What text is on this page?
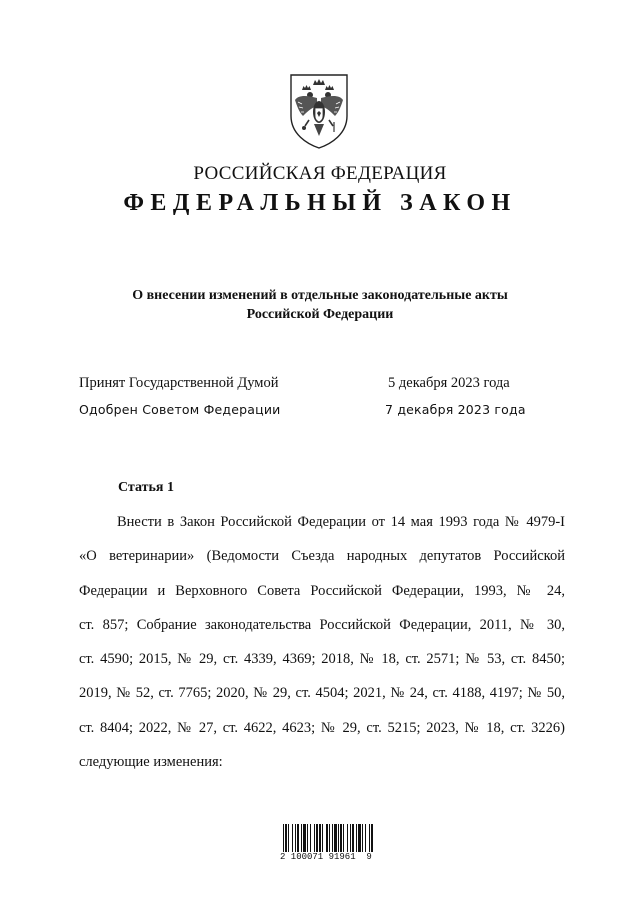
РОССИЙСКАЯ ФЕДЕРАЦИЯ
ФЕДЕРАЛЬНЫЙ ЗАКОН
О внесении изменений в отдельные законодательные акты
Российской Федерации
Принят Государственной Думой	5 декабря 2023 года
Одобрен Советом Федерации	7 декабря 2023 года
Статья 1
Внести в Закон Российской Федерации от 14 мая 1993 года № 4979-I
«О ветеринарии» (Ведомости Съезда народных депутатов Российской
Федерации и Верховного Совета Российской Федерации, 1993, № 24,
ст. 857; Собрание законодательства Российской Федерации, 2011, № 30,
ст. 4590; 2015, № 29, ст. 4339, 4369; 2018, № 18, ст. 2571; № 53, ст. 8450;
2019, № 52, ст. 7765; 2020, № 29, ст. 4504; 2021, № 24, ст. 4188, 4197; № 50,
ст. 8404; 2022, № 27, ст. 4622, 4623; № 29, ст. 5215; 2023, № 18, ст. 3226)
следующие изменения:
2 100071 91961  9
